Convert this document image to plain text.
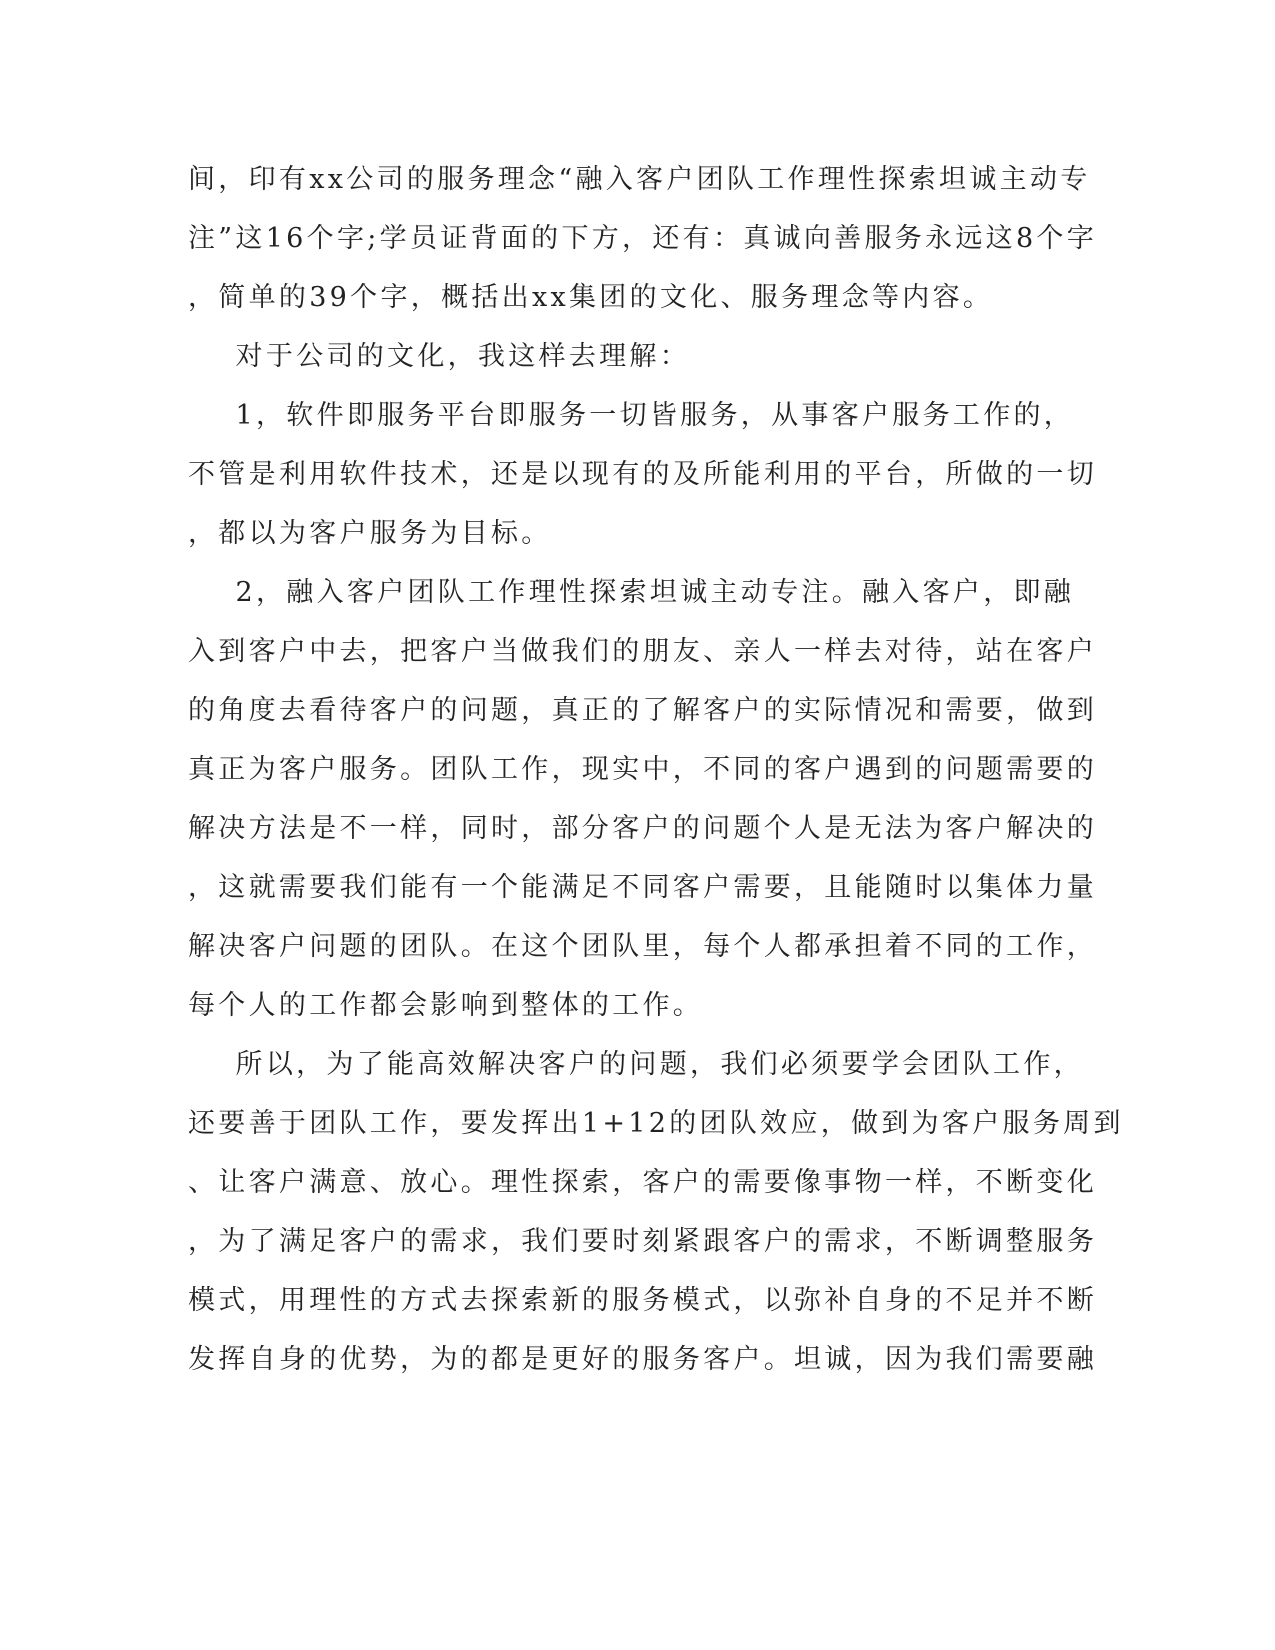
间，印有xx公司的服务理念“融入客户团队工作理性探索坦诚主动专
注”这16个字;学员证背面的下方，还有：真诚向善服务永远这8个字
，简单的39个字，概括出xx集团的文化、服务理念等内容。
对于公司的文化，我这样去理解：
1，软件即服务平台即服务一切皆服务，从事客户服务工作的，
不管是利用软件技术，还是以现有的及所能利用的平台，所做的一切
，都以为客户服务为目标。
2，融入客户团队工作理性探索坦诚主动专注。融入客户，即融
入到客户中去，把客户当做我们的朋友、亲人一样去对待，站在客户
的角度去看待客户的问题，真正的了解客户的实际情况和需要，做到
真正为客户服务。团队工作，现实中，不同的客户遇到的问题需要的
解决方法是不一样，同时，部分客户的问题个人是无法为客户解决的
，这就需要我们能有一个能满足不同客户需要，且能随时以集体力量
解决客户问题的团队。在这个团队里，每个人都承担着不同的工作，
每个人的工作都会影响到整体的工作。
所以，为了能高效解决客户的问题，我们必须要学会团队工作，
还要善于团队工作，要发挥出1+12的团队效应，做到为客户服务周到
、让客户满意、放心。理性探索，客户的需要像事物一样，不断变化
，为了满足客户的需求，我们要时刻紧跟客户的需求，不断调整服务
模式，用理性的方式去探索新的服务模式，以弥补自身的不足并不断
发挥自身的优势，为的都是更好的服务客户。坦诚，因为我们需要融
